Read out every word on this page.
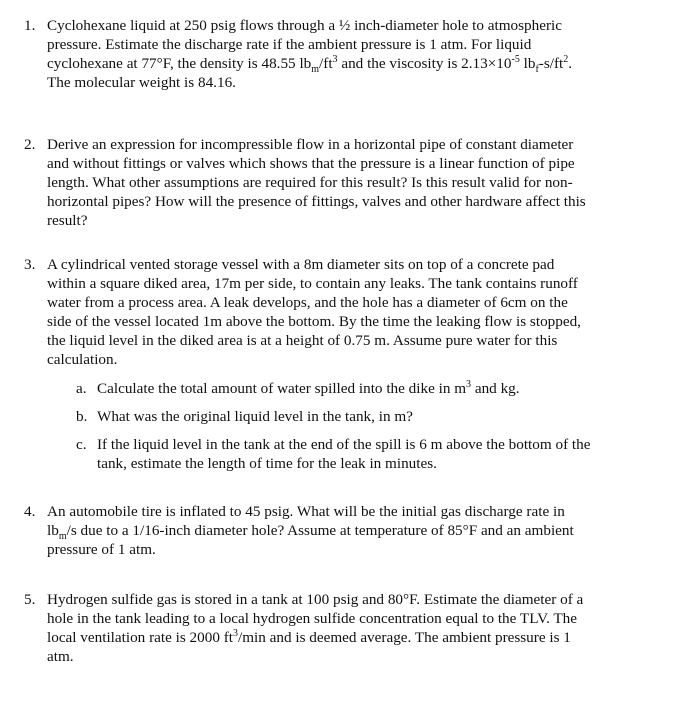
1. Cyclohexane liquid at 250 psig flows through a ½ inch-diameter hole to atmospheric
pressure. Estimate the discharge rate if the ambient pressure is 1 atm. For liquid
cyclohexane at 77°F, the density is 48.55 $lb_m/ft^3$ and the viscosity is $2.13\times 10^{-5}$ $lb_f-s/ft^2$.
The molecular weight is 84.16.
2. Derive an expression for incompressible flow in a horizontal pipe of constant diameter
and without fittings or valves which shows that the pressure is a linear function of pipe
length. What other assumptions are required for this result? Is this result valid for non-
horizontal pipes? How will the presence of fittings, valves and other hardware affect this
result?
3. A cylindrical vented storage vessel with a 8m diameter sits on top of a concrete pad
within a square diked area, 17m per side, to contain any leaks. The tank contains runoff
water from a process area. A leak develops, and the hole has a diameter of 6cm on the
side of the vessel located 1m above the bottom. By the time the leaking flow is stopped,
the liquid level in the diked area is at a height of 0.75 m. Assume pure water for this
calculation.
a. Calculate the total amount of water spilled into the dike in $m^3$ and kg.
b. What was the original liquid level in the tank, in m?
c. If the liquid level in the tank at the end of the spill is 6 m above the bottom of the
tank, estimate the length of time for the leak in minutes.
4. An automobile tire is inflated to 45 psig. What will be the initial gas discharge rate in
$lb_m/s$ due to a 1/16-inch diameter hole? Assume at temperature of 85°F and an ambient
pressure of 1 atm.
5. Hydrogen sulfide gas is stored in a tank at 100 psig and 80°F. Estimate the diameter of a
hole in the tank leading to a local hydrogen sulfide concentration equal to the TLV. The
local ventilation rate is 2000 $ft^3/\min$ and is deemed average. The ambient pressure is 1
atm.
